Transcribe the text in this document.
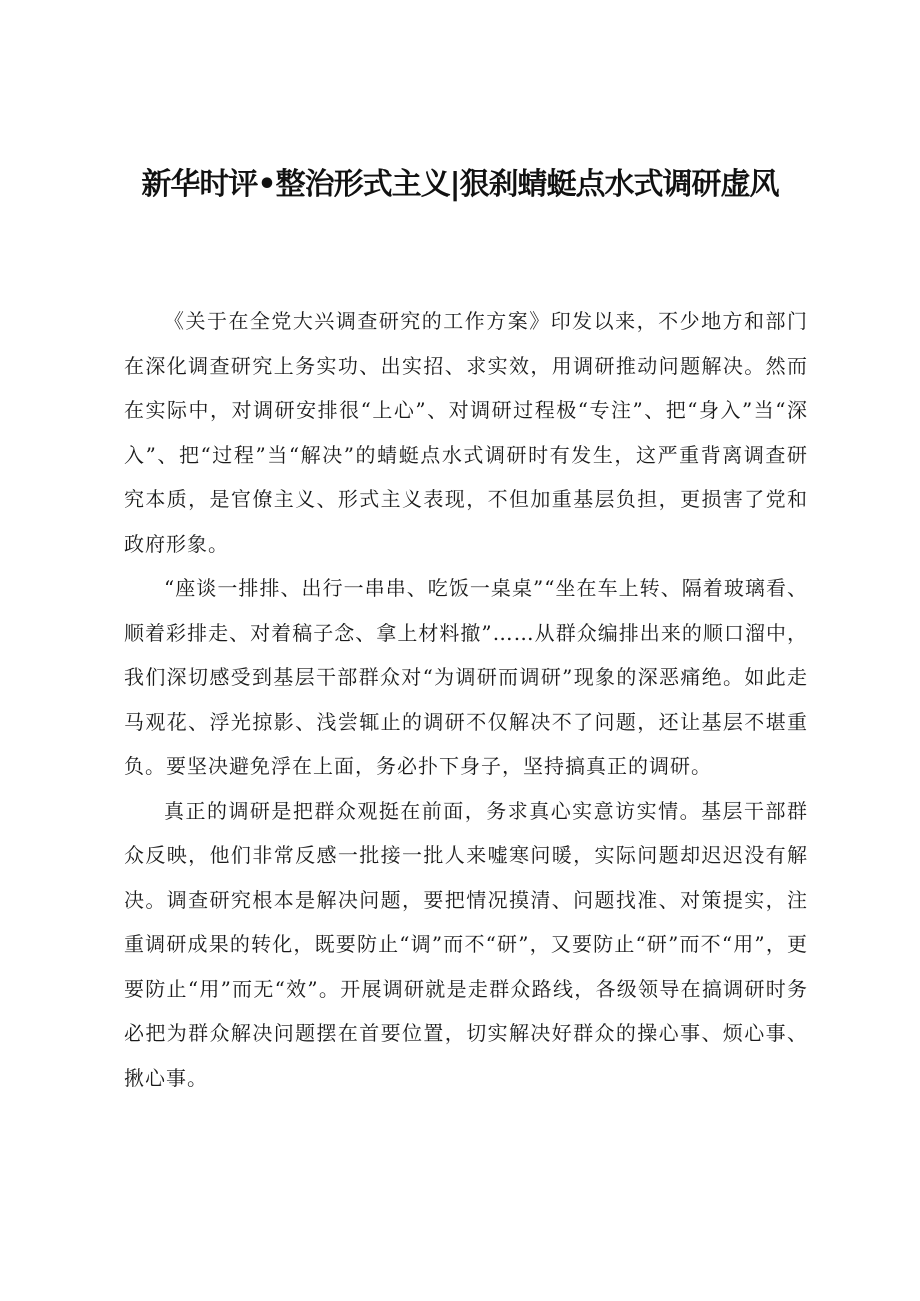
新华时评•整治形式主义|狠刹蜻蜓点水式调研虚风

《关于在全党大兴调查研究的工作方案》印发以来，不少地方和部门在深化调查研究上务实功、出实招、求实效，用调研推动问题解决。然而在实际中，对调研安排很“上心”、对调研过程极“专注”、把“身入”当“深入”、把“过程”当“解决”的蜻蜓点水式调研时有发生，这严重背离调查研究本质，是官僚主义、形式主义表现，不但加重基层负担，更损害了党和政府形象。

“座谈一排排、出行一串串、吃饭一桌桌”“坐在车上转、隔着玻璃看、顺着彩排走、对着稿子念、拿上材料撤”……从群众编排出来的顺口溜中，我们深切感受到基层干部群众对“为调研而调研”现象的深恶痛绝。如此走马观花、浮光掠影、浅尝辄止的调研不仅解决不了问题，还让基层不堪重负。要坚决避免浮在上面，务必扑下身子，坚持搞真正的调研。

真正的调研是把群众观挺在前面，务求真心实意访实情。基层干部群众反映，他们非常反感一批接一批人来嘘寒问暖，实际问题却迟迟没有解决。调查研究根本是解决问题，要把情况摸清、问题找准、对策提实，注重调研成果的转化，既要防止“调”而不“研”，又要防止“研”而不“用”，更要防止“用”而无“效”。开展调研就是走群众路线，各级领导在搞调研时务必把为群众解决问题摆在首要位置，切实解决好群众的操心事、烦心事、揪心事。
